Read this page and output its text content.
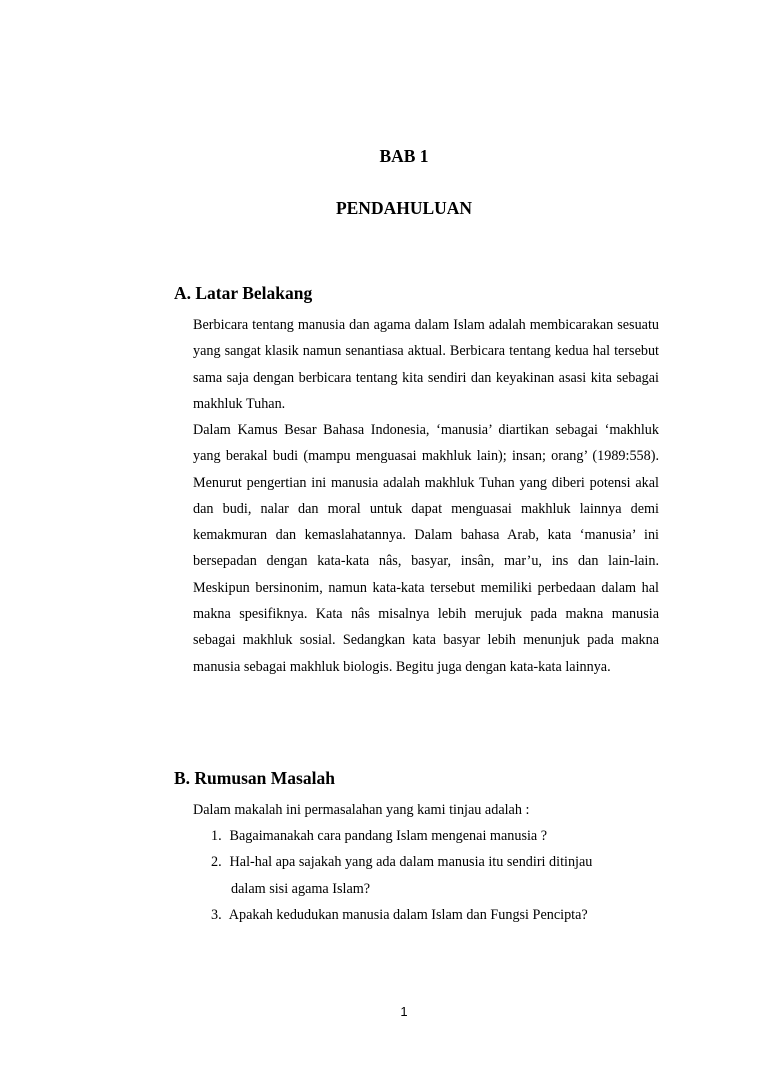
BAB 1
PENDAHULUAN
A. Latar Belakang

Berbicara tentang manusia dan agama dalam Islam adalah membicarakan sesuatu yang sangat klasik namun senantiasa aktual. Berbicara tentang kedua hal tersebut sama saja dengan berbicara tentang kita sendiri dan keyakinan asasi kita sebagai makhluk Tuhan.

Dalam Kamus Besar Bahasa Indonesia, ‘manusia’ diartikan sebagai ‘makhluk yang berakal budi (mampu menguasai makhluk lain); insan; orang’ (1989:558). Menurut pengertian ini manusia adalah makhluk Tuhan yang diberi potensi akal dan budi, nalar dan moral untuk dapat menguasai makhluk lainnya demi kemakmuran dan kemaslahatannya. Dalam bahasa Arab, kata ‘manusia’ ini bersepadan dengan kata-kata nâs, basyar, insân, mar’u, ins dan lain-lain. Meskipun bersinonim, namun kata-kata tersebut memiliki perbedaan dalam hal makna spesifiknya. Kata nâs misalnya lebih merujuk pada makna manusia sebagai makhluk sosial. Sedangkan kata basyar lebih menunjuk pada makna manusia sebagai makhluk biologis. Begitu juga dengan kata-kata lainnya.

B. Rumusan Masalah

Dalam makalah ini permasalahan yang kami tinjau adalah :

1. Bagaimanakah cara pandang Islam mengenai manusia ?
2. Hal-hal apa sajakah yang ada dalam manusia itu sendiri ditinjau
dalam sisi agama Islam?
3. Apakah kedudukan manusia dalam Islam dan Fungsi Pencipta?

1
